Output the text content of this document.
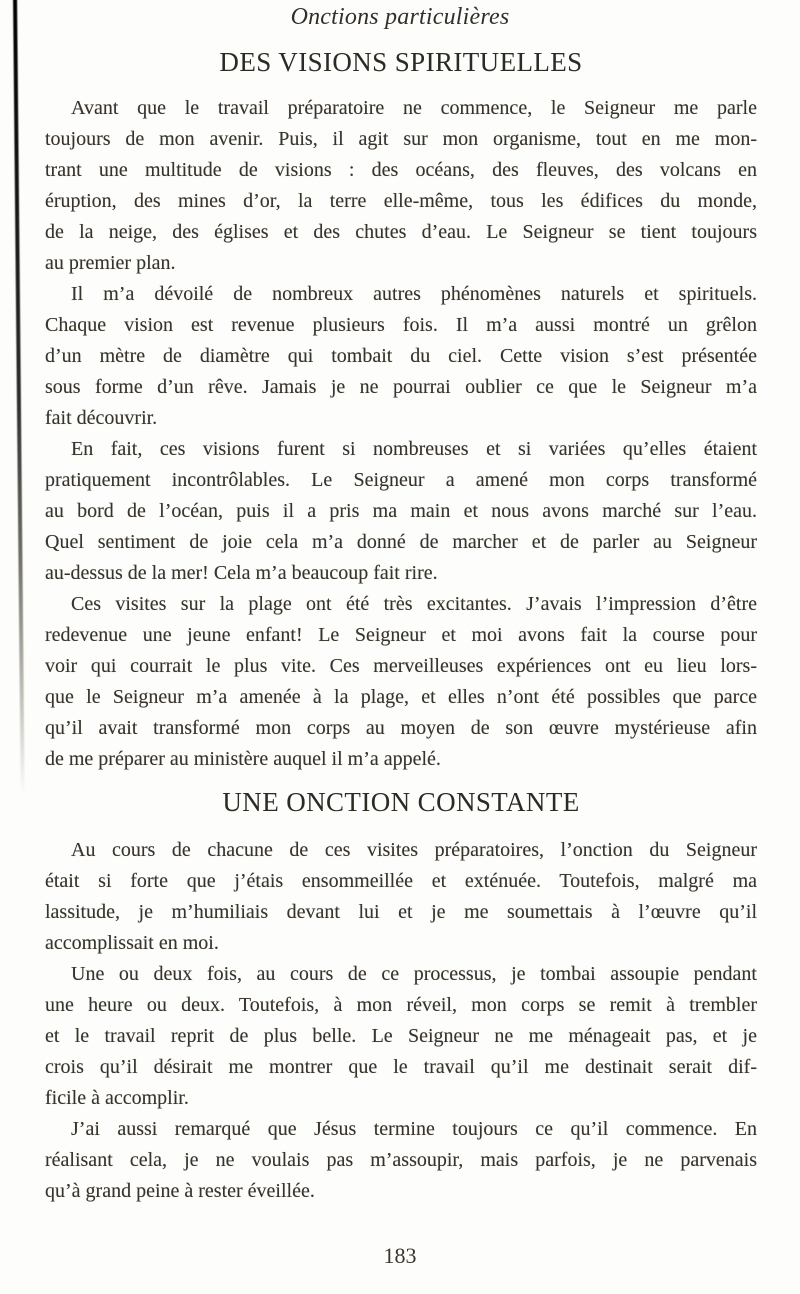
Onctions particulières
DES VISIONS SPIRITUELLES
Avant que le travail préparatoire ne commence, le Seigneur me parle
toujours de mon avenir. Puis, il agit sur mon organisme, tout en me mon-
trant une multitude de visions : des océans, des fleuves, des volcans en
éruption, des mines d’or, la terre elle-même, tous les édifices du monde,
de la neige, des églises et des chutes d’eau. Le Seigneur se tient toujours
au premier plan.
Il m’a dévoilé de nombreux autres phénomènes naturels et spirituels.
Chaque vision est revenue plusieurs fois. Il m’a aussi montré un grêlon
d’un mètre de diamètre qui tombait du ciel. Cette vision s’est présentée
sous forme d’un rêve. Jamais je ne pourrai oublier ce que le Seigneur m’a
fait découvrir.
En fait, ces visions furent si nombreuses et si variées qu’elles étaient
pratiquement incontrôlables. Le Seigneur a amené mon corps transformé
au bord de l’océan, puis il a pris ma main et nous avons marché sur l’eau.
Quel sentiment de joie cela m’a donné de marcher et de parler au Seigneur
au-dessus de la mer! Cela m’a beaucoup fait rire.
Ces visites sur la plage ont été très excitantes. J’avais l’impression d’être
redevenue une jeune enfant! Le Seigneur et moi avons fait la course pour
voir qui courrait le plus vite. Ces merveilleuses expériences ont eu lieu lors-
que le Seigneur m’a amenée à la plage, et elles n’ont été possibles que parce
qu’il avait transformé mon corps au moyen de son œuvre mystérieuse afin
de me préparer au ministère auquel il m’a appelé.
UNE ONCTION CONSTANTE
Au cours de chacune de ces visites préparatoires, l’onction du Seigneur
était si forte que j’étais ensommeillée et exténuée. Toutefois, malgré ma
lassitude, je m’humiliais devant lui et je me soumettais à l’œuvre qu’il
accomplissait en moi.
Une ou deux fois, au cours de ce processus, je tombai assoupie pendant
une heure ou deux. Toutefois, à mon réveil, mon corps se remit à trembler
et le travail reprit de plus belle. Le Seigneur ne me ménageait pas, et je
crois qu’il désirait me montrer que le travail qu’il me destinait serait dif-
ficile à accomplir.
J’ai aussi remarqué que Jésus termine toujours ce qu’il commence. En
réalisant cela, je ne voulais pas m’assoupir, mais parfois, je ne parvenais
qu’à grand peine à rester éveillée.
183
